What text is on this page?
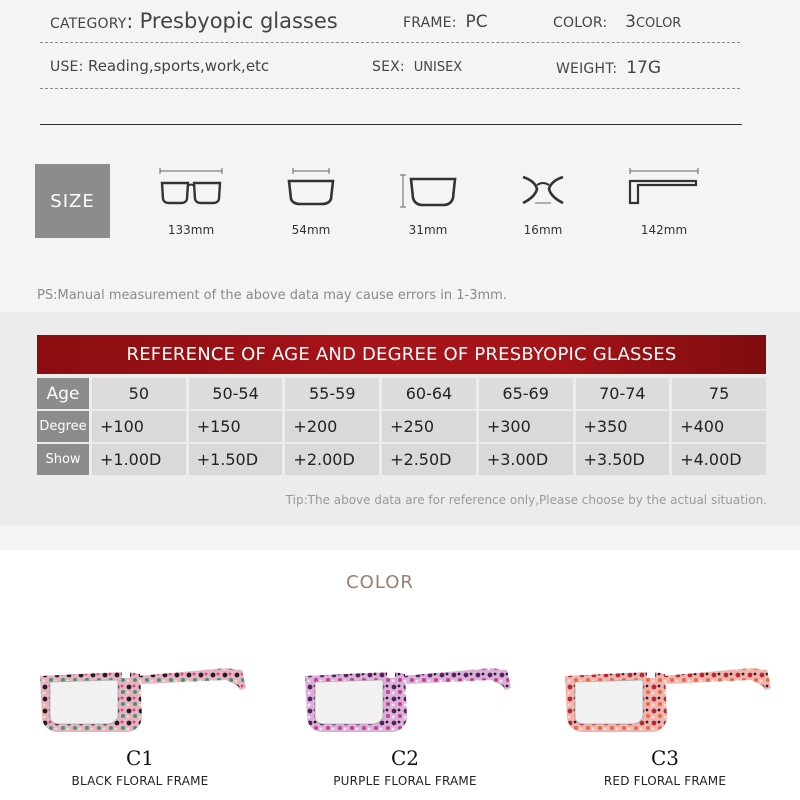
CATEGORY: Presbyopic glasses	FRAME: PC	COLOR: 3COLOR
USE: Reading,sports,work,etc	SEX: UNISEX	WEIGHT: 17G
SIZE
133mm	54mm	31mm	16mm	142mm
PS:Manual measurement of the above data may cause errors in 1-3mm.
REFERENCE OF AGE AND DEGREE OF PRESBYOPIC GLASSES
Age	50	50-54	55-59	60-64	65-69	70-74	75
Degree	+100	+150	+200	+250	+300	+350	+400
Show	+1.00D	+1.50D	+2.00D	+2.50D	+3.00D	+3.50D	+4.00D
Tip:The above data are for reference only,Please choose by the actual situation.
COLOR
C1
BLACK FLORAL FRAME
C2
PURPLE FLORAL FRAME
C3
RED FLORAL FRAME
